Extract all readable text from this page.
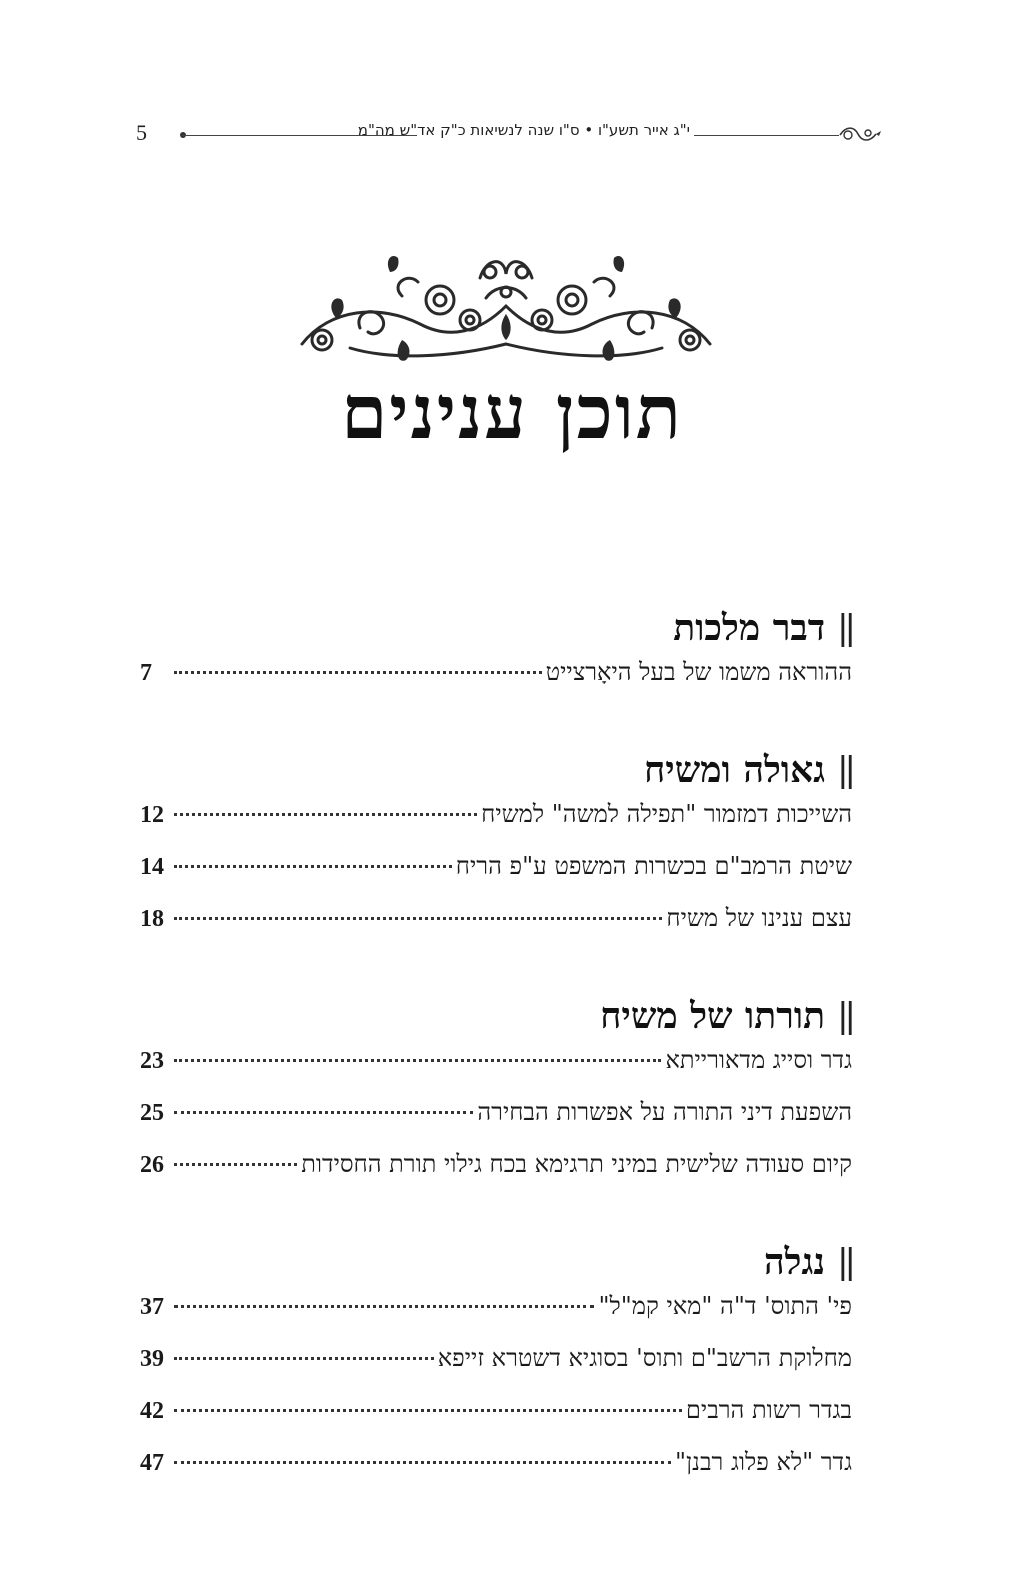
5	י"ג אייר תשע"ו • ס"ו שנה לנשיאות כ"ק אד"ש מה"מ
תוכן ענינים
||
דבר מלכות
ההוראה משמו של בעל היאָרצייט
7
||
גאולה ומשיח
השייכות דמזמור "תפילה למשה" למשיח
12
שיטת הרמב"ם בכשרות המשפט ע"פ הריח
14
עצם ענינו של משיח
18
||
תורתו של משיח
גדר וסייג מדאורייתא
23
השפעת דיני התורה על אפשרות הבחירה
25
קיום סעודה שלישית במיני תרגימא בכח גילוי תורת החסידות
26
||
נגלה
פי' התוס' ד"ה "מאי קמ"ל"
37
מחלוקת הרשב"ם ותוס' בסוגיא דשטרא זייפא
39
בגדר רשות הרבים
42
גדר "לא פלוג רבנן"
47
